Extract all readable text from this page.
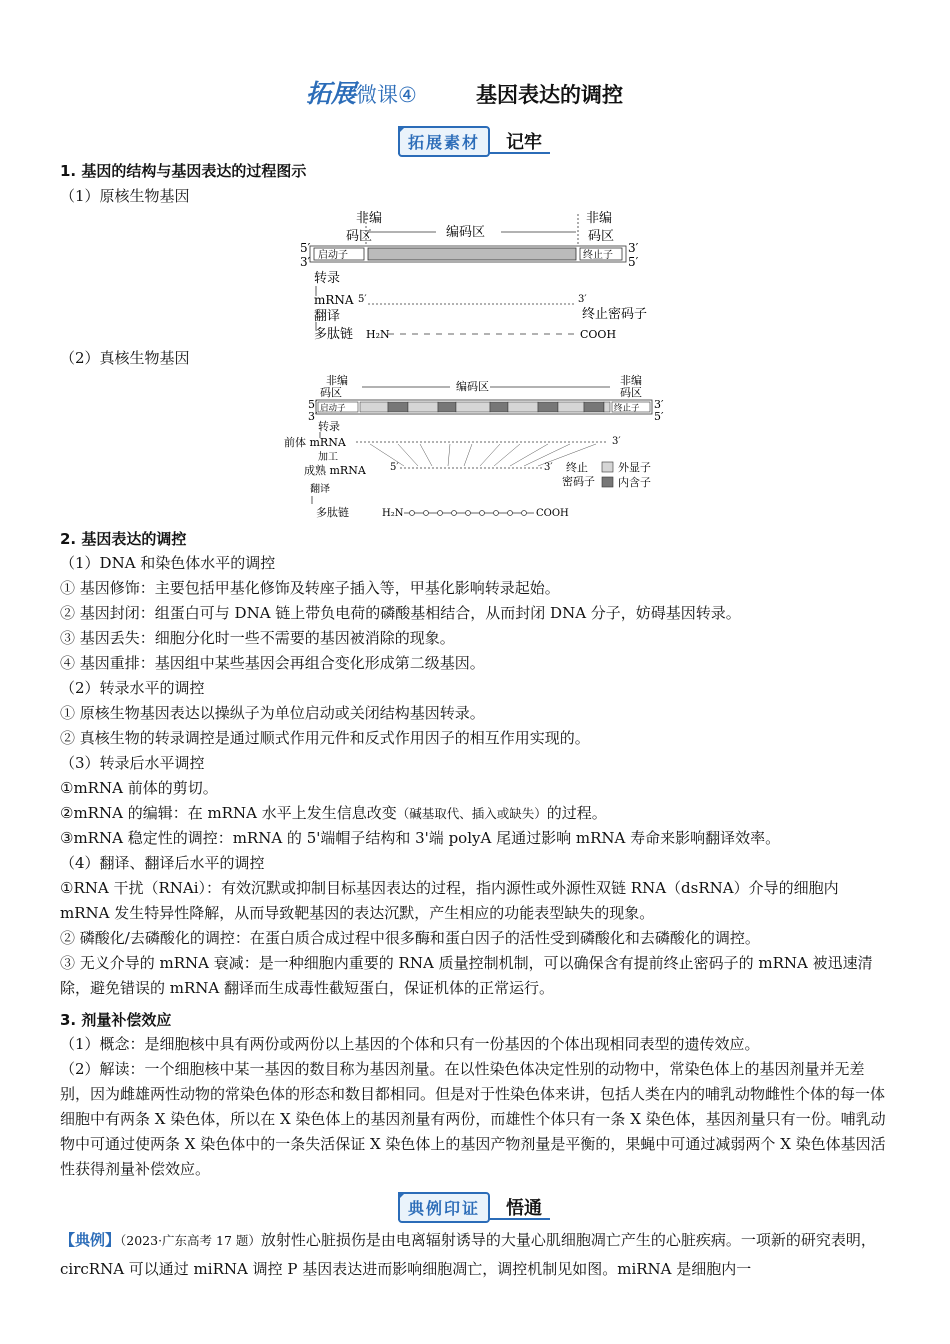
拓展微课④	基因表达的调控
拓展素材	记牢
1. 基因的结构与基因表达的过程图示
（1）原核生物基因
非编
码区	编码区
非编
码区
5′
3′
3′
5′
启动子	终止子
转录
mRNA 5′	3′
翻译	终止密码子
多肽链 H₂N	COOH
（2）真核生物基因
非编
码区	编码区	非编
码区
5′
3′
3′
5′
启动子	终止子
转录
前体 mRNA	3′
加工
成熟 mRNA 5′	3′ 终止
密码子
外显子
内含子
翻译
多肽链	H₂N	COOH
2. 基因表达的调控
（1）DNA 和染色体水平的调控
① 基因修饰：主要包括甲基化修饰及转座子插入等，甲基化影响转录起始。
② 基因封闭：组蛋白可与 DNA 链上带负电荷的磷酸基相结合，从而封闭 DNA 分子，妨碍基因转录。
③ 基因丢失：细胞分化时一些不需要的基因被消除的现象。
④ 基因重排：基因组中某些基因会再组合变化形成第二级基因。
（2）转录水平的调控
① 原核生物基因表达以操纵子为单位启动或关闭结构基因转录。
② 真核生物的转录调控是通过顺式作用元件和反式作用因子的相互作用实现的。
（3）转录后水平调控
①mRNA 前体的剪切。
②mRNA 的编辑：在 mRNA 水平上发生信息改变（碱基取代、插入或缺失）的过程。
③mRNA 稳定性的调控：mRNA 的 5'端帽子结构和 3'端 polyA 尾通过影响 mRNA 寿命来影响翻译效率。
（4）翻译、翻译后水平的调控
①RNA 干扰（RNAi）：有效沉默或抑制目标基因表达的过程，指内源性或外源性双链 RNA（dsRNA）介导的细胞内 mRNA 发生特异性降解，从而导致靶基因的表达沉默，产生相应的功能表型缺失的现象。
② 磷酸化/去磷酸化的调控：在蛋白质合成过程中很多酶和蛋白因子的活性受到磷酸化和去磷酸化的调控。
③ 无义介导的 mRNA 衰减：是一种细胞内重要的 RNA 质量控制机制，可以确保含有提前终止密码子的 mRNA 被迅速清除，避免错误的 mRNA 翻译而生成毒性截短蛋白，保证机体的正常运行。
3. 剂量补偿效应
（1）概念：是细胞核中具有两份或两份以上基因的个体和只有一份基因的个体出现相同表型的遗传效应。
（2）解读：一个细胞核中某一基因的数目称为基因剂量。在以性染色体决定性别的动物中，常染色体上的基因剂量并无差别，因为雌雄两性动物的常染色体的形态和数目都相同。但是对于性染色体来讲，包括人类在内的哺乳动物雌性个体的每一体细胞中有两条 X 染色体，所以在 X 染色体上的基因剂量有两份，而雄性个体只有一条 X 染色体，基因剂量只有一份。哺乳动物中可通过使两条 X 染色体中的一条失活保证 X 染色体上的基因产物剂量是平衡的，果蝇中可通过减弱两个 X 染色体基因活性获得剂量补偿效应。
典例印证	悟通
【典例】（2023·广东高考 17 题）放射性心脏损伤是由电离辐射诱导的大量心肌细胞凋亡产生的心脏疾病。一项新的研究表明，circRNA 可以通过 miRNA 调控 P 基因表达进而影响细胞凋亡，调控机制见如图。miRNA 是细胞内一
